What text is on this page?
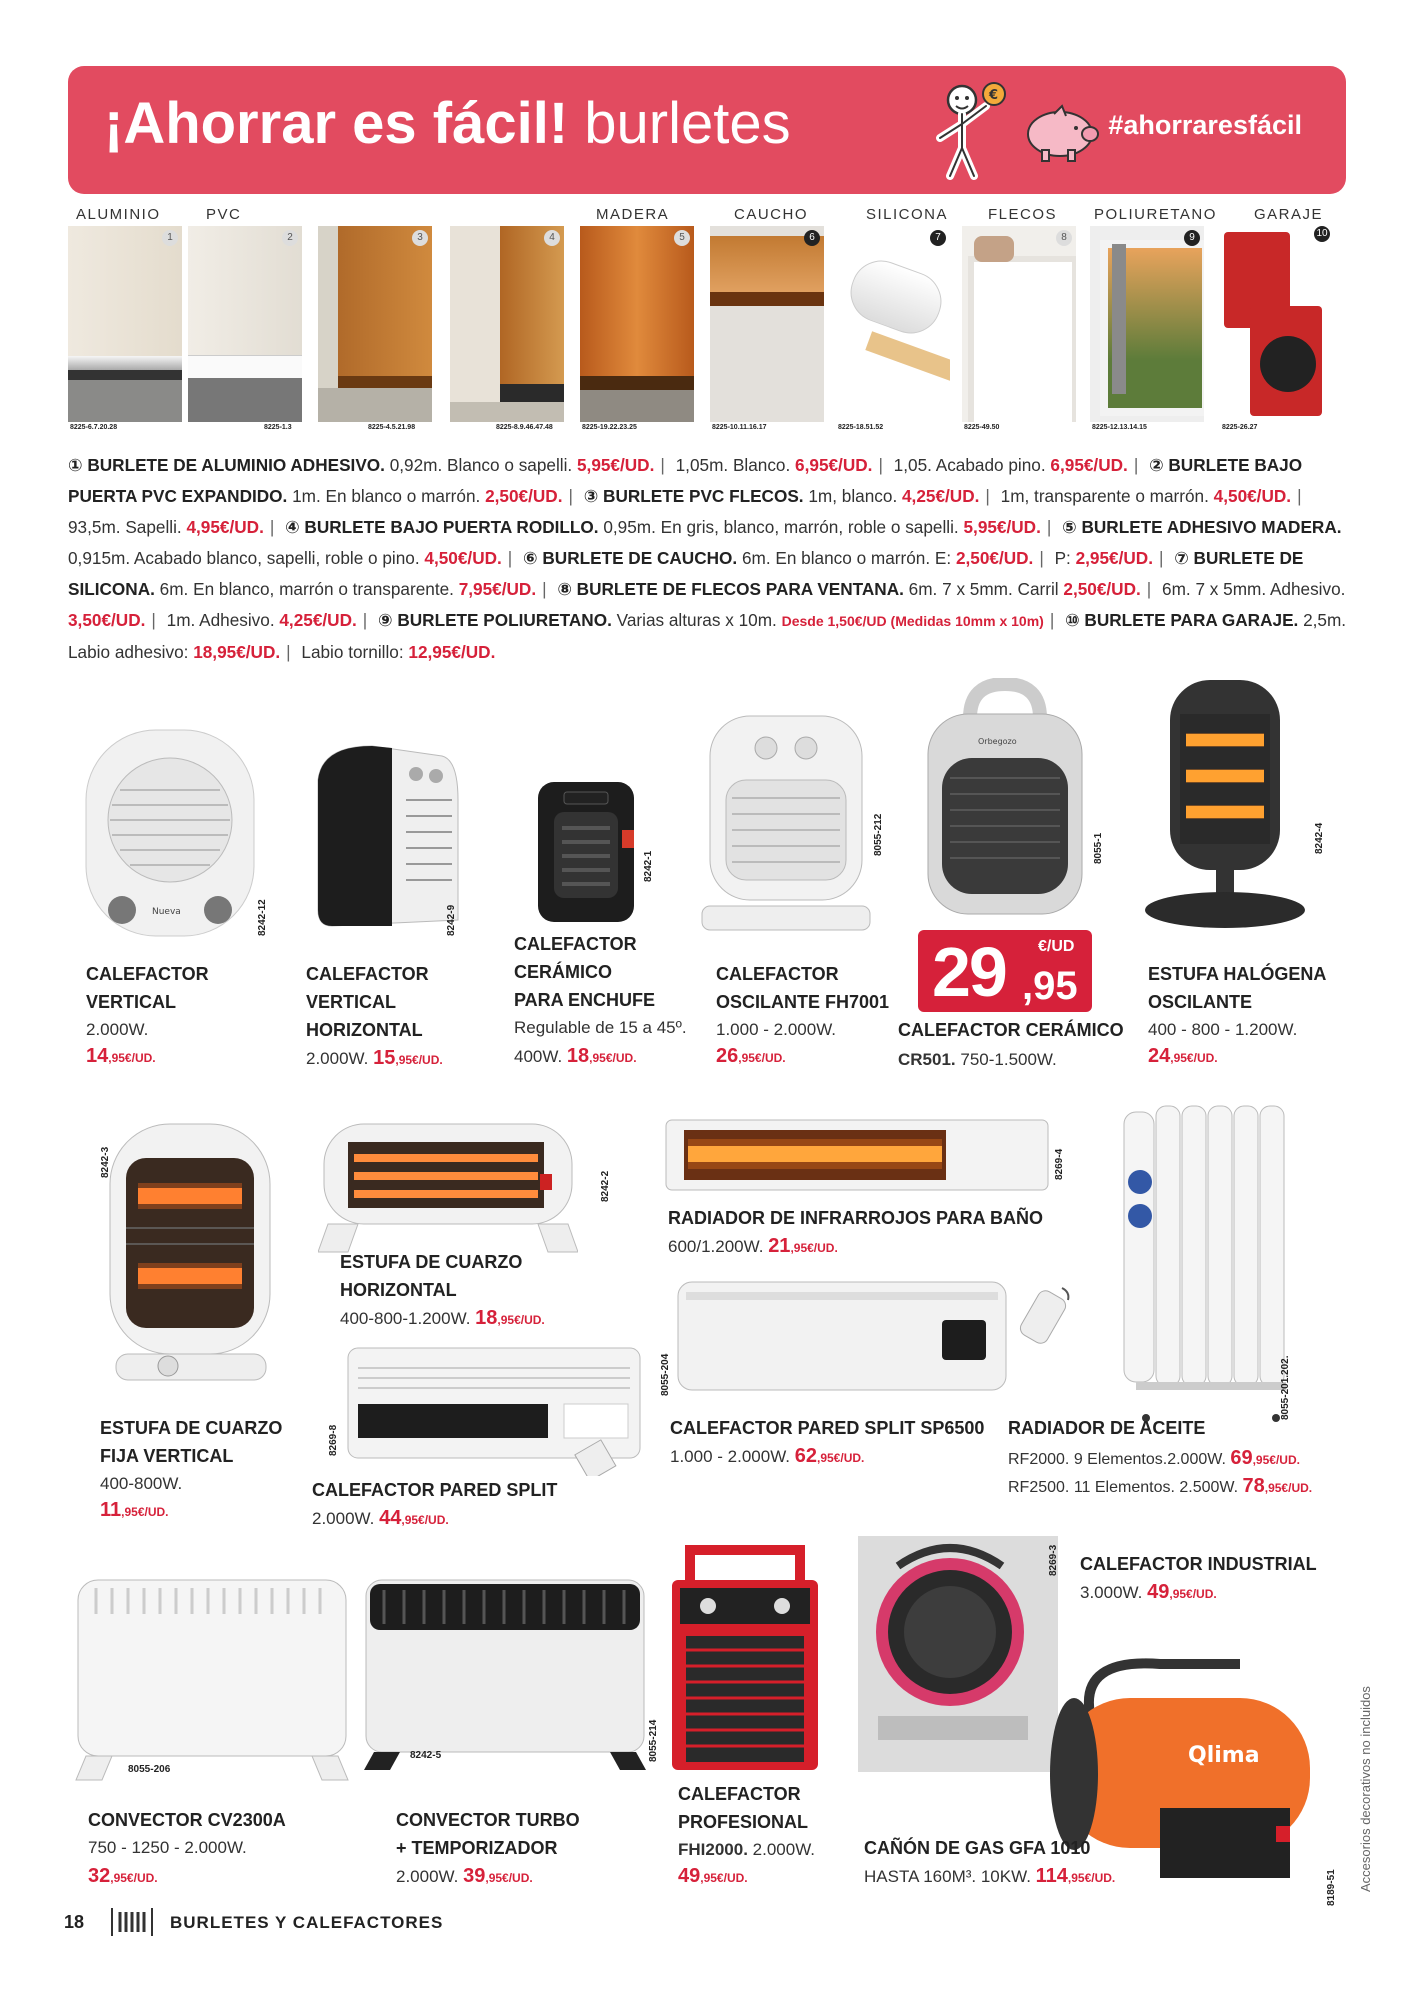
¡Ahorrar es fácil! burletes	€
#ahorraresfácil
ALUMINIO	PVC	MADERA	CAUCHO	SILICONA	FLECOS POLIURETANO GARAJE
1	2	3	4	5	6	7	8	9	10
8225-6.7.20.28	8225-1.3	8225-4.5.21.98	8225-8.9.46.47.48	8225-19.22.23.25	8225-10.11.16.17	8225-18.51.52	8225-49.50	8225-12.13.14.15	8225-26.27
① BURLETE DE ALUMINIO ADHESIVO. 0,92m. Blanco o sapelli. 5,95€/UD. | 1,05m. Blanco. 6,95€/UD. | 1,05. Acabado pino. 6,95€/UD. | ② BURLETE BAJO PUERTA PVC EXPANDIDO. 1m. En blanco o marrón. 2,50€/UD. | ③ BURLETE PVC FLECOS. 1m, blanco. 4,25€/UD. | 1m, transparente o marrón. 4,50€/UD. | 93,5m. Sapelli. 4,95€/UD. | ④ BURLETE BAJO PUERTA RODILLO. 0,95m. En gris, blanco, marrón, roble o sapelli. 5,95€/UD. | ⑤ BURLETE ADHESIVO MADERA. 0,915m. Acabado blanco, sapelli, roble o pino. 4,50€/UD. | ⑥ BURLETE DE CAUCHO. 6m. En blanco o marrón. E: 2,50€/UD. | P: 2,95€/UD. | ⑦ BURLETE DE SILICONA. 6m. En blanco, marrón o transparente. 7,95€/UD. | ⑧ BURLETE DE FLECOS PARA VENTANA. 6m. 7 x 5mm. Carril 2,50€/UD. | 6m. 7 x 5mm. Adhesivo. 3,50€/UD. | 1m. Adhesivo. 4,25€/UD. | ⑨ BURLETE POLIURETANO. Varias alturas x 10m. Desde 1,50€/UD (Medidas 10mm x 10m) | ⑩ BURLETE PARA GARAJE. 2,5m. Labio adhesivo: 18,95€/UD. | Labio tornillo: 12,95€/UD.
Nueva
Orbegozo
8242-12	8242-9
8242-1
8055-212	8055-1	8242-4
CALEFACTOR
VERTICAL
2.000W.
14,95€/UD.
CALEFACTOR
VERTICAL
HORIZONTAL
2.000W. 15,95€/UD.
CALEFACTOR
CERÁMICO
PARA ENCHUFE
Regulable de 15 a 45º.
400W. 18,95€/UD.
CALEFACTOR
OSCILANTE FH7001
1.000 - 2.000W.
26,95€/UD.
29 ,95
€/UD
CALEFACTOR CERÁMICO
CR501. 750-1.500W.
ESTUFA HALÓGENA
OSCILANTE
400 - 800 - 1.200W.
24,95€/UD.
8242-3
8242-2
8269-4
8055-201.202.
8269-8
8055-204
ESTUFA DE CUARZO
FIJA VERTICAL
400-800W.
11,95€/UD.
ESTUFA DE CUARZO
HORIZONTAL
400-800-1.200W. 18,95€/UD.
RADIADOR DE INFRARROJOS PARA BAÑO
600/1.200W. 21,95€/UD.
CALEFACTOR PARED SPLIT
2.000W. 44,95€/UD.
CALEFACTOR PARED SPLIT SP6500
1.000 - 2.000W. 62,95€/UD.
RADIADOR DE ACEITE
RF2000. 9 Elementos.2.000W. 69,95€/UD.
RF2500. 11 Elementos. 2.500W. 78,95€/UD.
Qlima
8055-206
8242-5	8055-214
8269-3
8189-51
CALEFACTOR INDUSTRIAL
3.000W. 49,95€/UD.
CONVECTOR CV2300A
750 - 1250 - 2.000W.
32,95€/UD.
CONVECTOR TURBO
+ TEMPORIZADOR
2.000W. 39,95€/UD.
CALEFACTOR
PROFESIONAL
FHI2000. 2.000W.
49,95€/UD.
CAÑÓN DE GAS GFA 1010
HASTA 160M³. 10KW. 114,95€/UD.
18	BURLETES Y CALEFACTORES
Accesorios decorativos no incluidos
